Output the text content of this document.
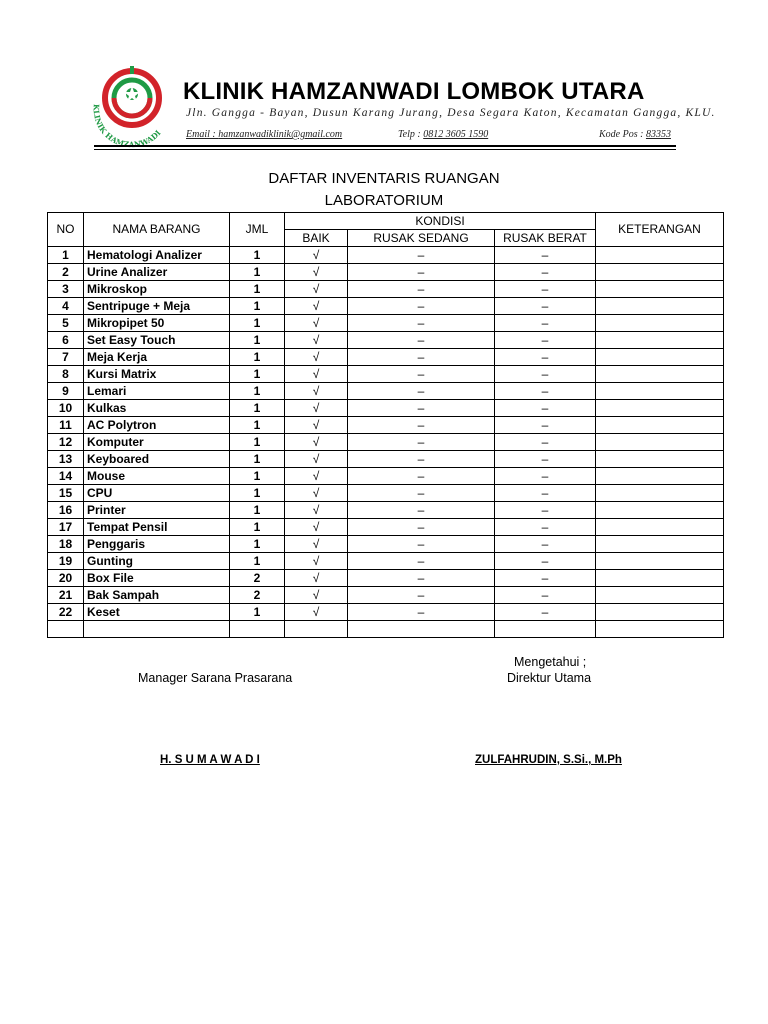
KLINIK HAMZANWADI
KLINIK HAMZANWADI LOMBOK UTARA
Jln. Gangga - Bayan, Dusun Karang Jurang, Desa Segara Katon, Kecamatan Gangga, KLU.
Email : hamzanwadiklinik@gmail.com	Telp : 0812 3605 1590	Kode Pos : 83353
DAFTAR INVENTARIS RUANGAN
LABORATORIUM
NO	NAMA BARANG	JML	KONDISI			KETERANGAN
			BAIK	RUSAK SEDANG	RUSAK BERAT	
1	Hematologi Analizer	1	√	–	–	
2	Urine Analizer	1	√	–	–	
3	Mikroskop	1	√	–	–	
4	Sentripuge + Meja	1	√	–	–	
5	Mikropipet 50	1	√	–	–	
6	Set Easy Touch	1	√	–	–	
7	Meja Kerja	1	√	–	–	
8	Kursi Matrix	1	√	–	–	
9	Lemari	1	√	–	–	
10	Kulkas	1	√	–	–	
11	AC Polytron	1	√	–	–	
12	Komputer	1	√	–	–	
13	Keyboared	1	√	–	–	
14	Mouse	1	√	–	–	
15	CPU	1	√	–	–	
16	Printer	1	√	–	–	
17	Tempat Pensil	1	√	–	–	
18	Penggaris	1	√	–	–	
19	Gunting	1	√	–	–	
20	Box File	2	√	–	–	
21	Bak Sampah	2	√	–	–	
22	Keset	1	√	–	–	

Manager Sarana Prasarana
Mengetahui ;
Direktur Utama
H. S U M A W A D I	ZULFAHRUDIN, S.Si., M.Ph
